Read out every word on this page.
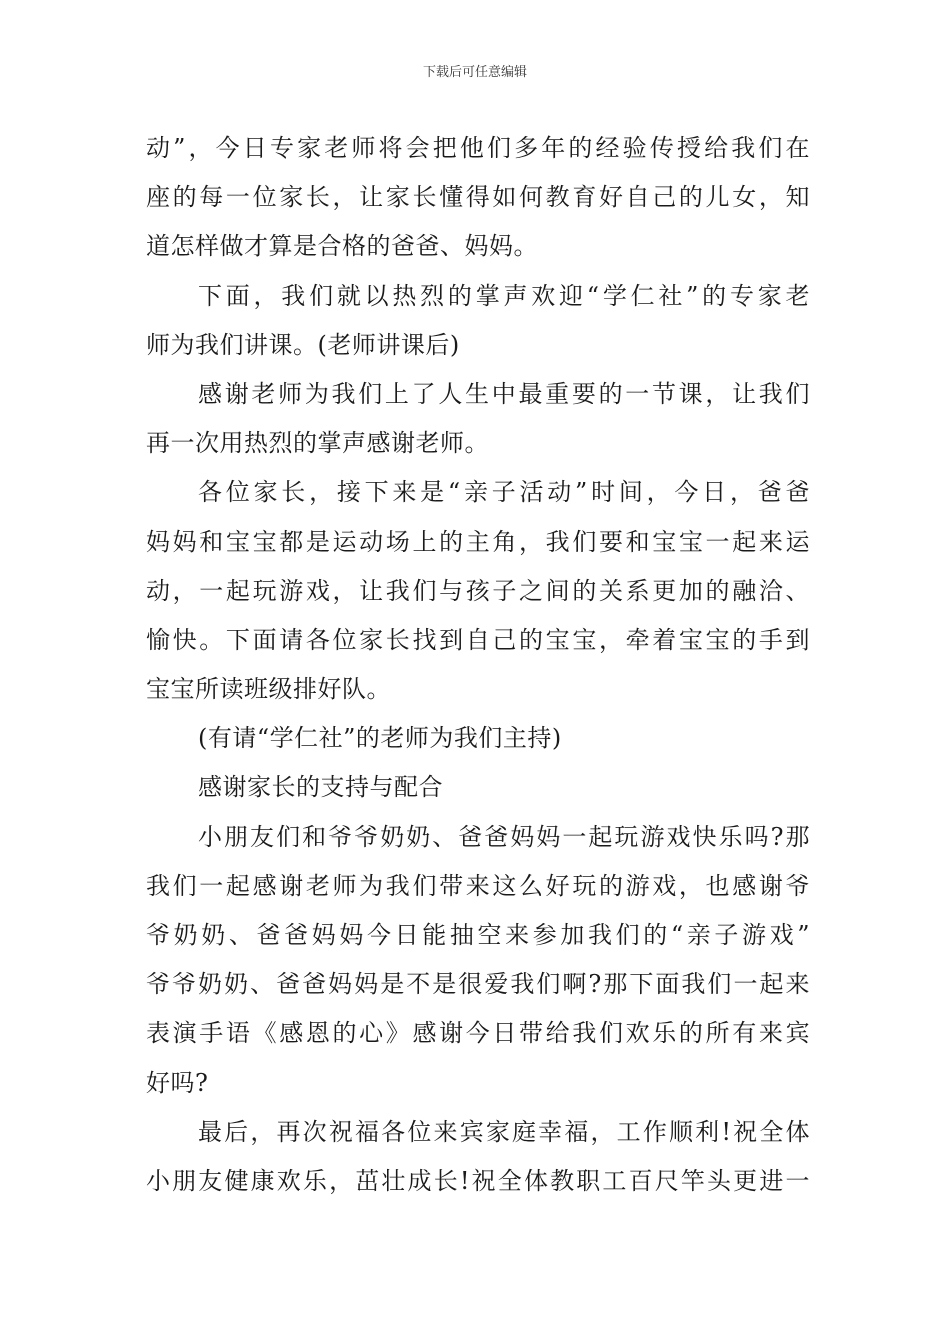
下载后可任意编辑
动”，今日专家老师将会把他们多年的经验传授给我们在
座的每一位家长，让家长懂得如何教育好自己的儿女，知
道怎样做才算是合格的爸爸、妈妈。
下面，我们就以热烈的掌声欢迎“学仁社”的专家老
师为我们讲课。(老师讲课后)
感谢老师为我们上了人生中最重要的一节课，让我们
再一次用热烈的掌声感谢老师。
各位家长，接下来是“亲子活动”时间，今日，爸爸
妈妈和宝宝都是运动场上的主角，我们要和宝宝一起来运
动，一起玩游戏，让我们与孩子之间的关系更加的融洽、
愉快。下面请各位家长找到自己的宝宝，牵着宝宝的手到
宝宝所读班级排好队。
(有请“学仁社”的老师为我们主持)
感谢家长的支持与配合
小朋友们和爷爷奶奶、爸爸妈妈一起玩游戏快乐吗?那
我们一起感谢老师为我们带来这么好玩的游戏，也感谢爷
爷奶奶、爸爸妈妈今日能抽空来参加我们的“亲子游戏”
爷爷奶奶、爸爸妈妈是不是很爱我们啊?那下面我们一起来
表演手语《感恩的心》感谢今日带给我们欢乐的所有来宾
好吗?
最后，再次祝福各位来宾家庭幸福，工作顺利!祝全体
小朋友健康欢乐，茁壮成长!祝全体教职工百尺竿头更进一
